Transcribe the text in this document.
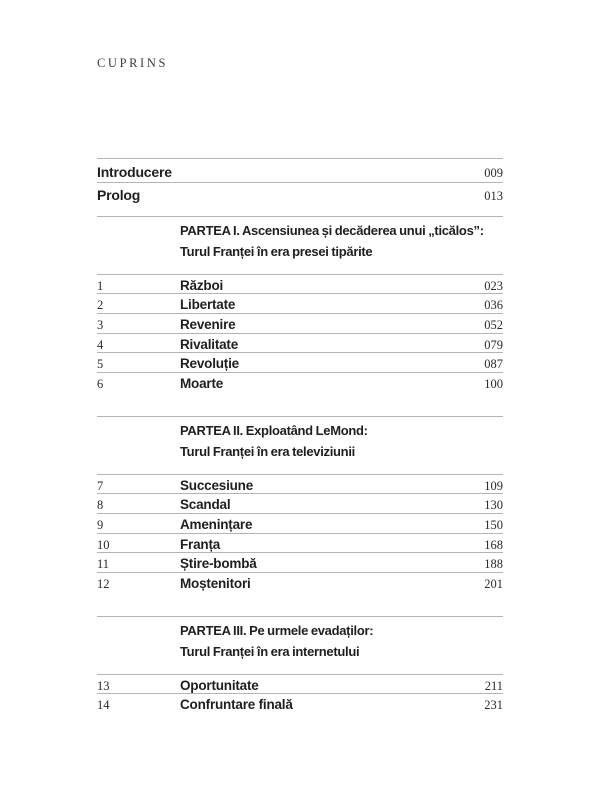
CUPRINS
Introducere	009
Prolog	013
PARTEA I. Ascensiunea și decăderea unui „ticălos”:
Turul Franței în era presei tipărite
1	Război	023
2	Libertate	036
3	Revenire	052
4	Rivalitate	079
5	Revoluție	087
6	Moarte	100
PARTEA II. Exploatând LeMond:
Turul Franței în era televiziunii
7	Succesiune	109
8	Scandal	130
9	Amenințare	150
10	Franța	168
11	Știre-bombă	188
12	Moștenitori	201
PARTEA III. Pe urmele evadaților:
Turul Franței în era internetului
13	Oportunitate	211
14	Confruntare finală	231
